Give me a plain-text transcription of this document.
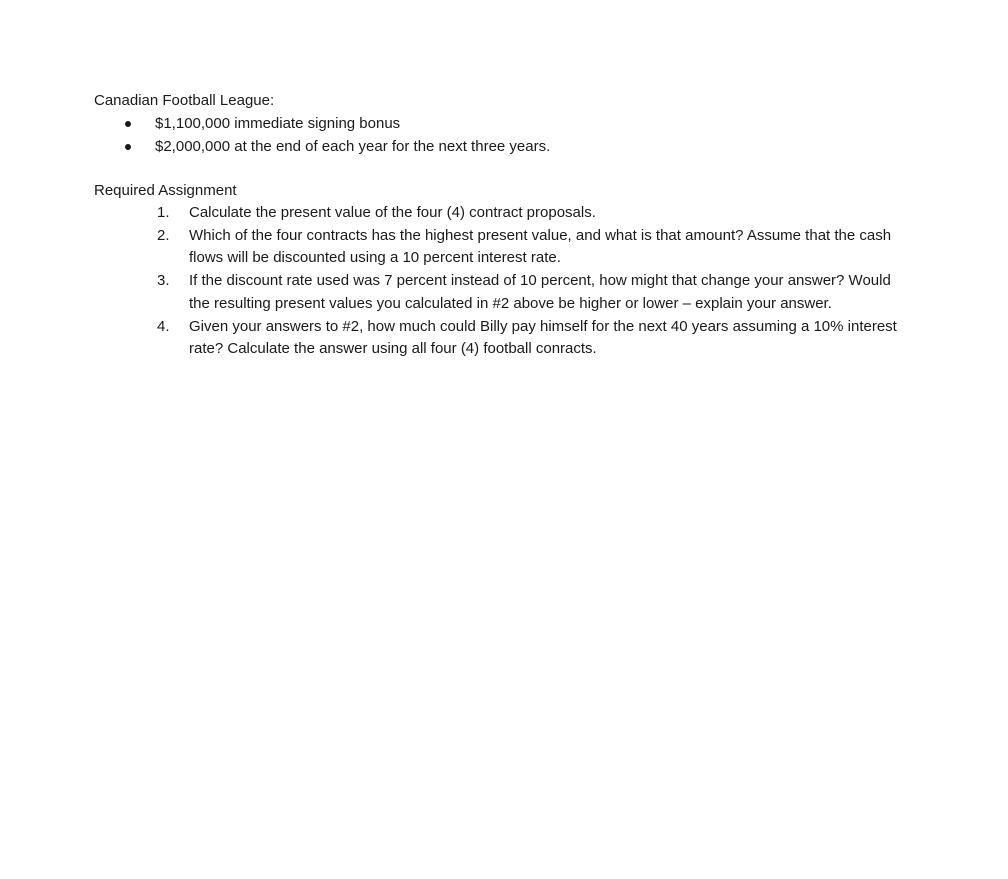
Canadian Football League:

$1,100,000 immediate signing bonus
$2,000,000 at the end of each year for the next three years.

Required Assignment

1. Calculate the present value of the four (4) contract proposals.
2. Which of the four contracts has the highest present value, and what is that amount? Assume that the cash flows will be discounted using a 10 percent interest rate.
3. If the discount rate used was 7 percent instead of 10 percent, how might that change your answer? Would the resulting present values you calculated in #2 above be higher or lower – explain your answer.
4. Given your answers to #2, how much could Billy pay himself for the next 40 years assuming a 10% interest rate? Calculate the answer using all four (4) football conracts.
